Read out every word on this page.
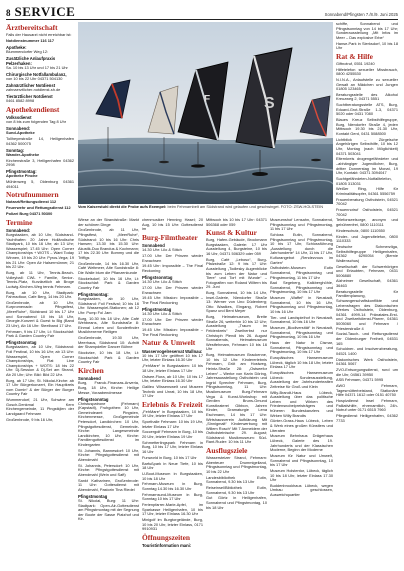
8 SERVICE	Sonnabend/Pfingsten 7./8./9. Juni 2025
Ärztbereitschaft
Falls der Hausarzt nicht erreichbar ist:
Notdienstnummer 116 117
Apotheke:
Blummendorfer Weg 12:
Zusätzliche Anlaufpraxis Pelzerhaken:
Sa. 10 bis 13 Uhr und 17 bis 21 Uhr
Chirurgische Notfallambulanz,
von 10 bis 22 Uhr 04371 504130
Zahnärztlicher Notdienst
zahnaerztlicher-notdienst-sh.de
Tierärztlicher Notdienst
0461 8582 8998
Apothekendienst
Volkssdienst
von 8 bis zum folgenden Tag 8 Uhr
Sonnabend:
Sund-Apotheke
Tollheymstraße 14, Heiligenhafen 04362 500075
Sonntag:
Wander-Apotheke
Kirchenstraße 3, Heiligenhafen 04362 2998
Pfingstmontag:
Apotheke Pinche
Mühlenweg 5, Oldenburg 04361 494011
Notrufnummern
Notarzt/Rettungsdienst 112
Feuerwehr und Rettungsdienst 112
Polizei Burg 04371 50300
Termine
Sonnabend:
Burgstaaken, ab 10 Uhr, Südstrand-Yachthafen: 20 Jahre Holländische Stadtpark, 10 bis 16 Uhr; ab 13 Uhr; Wasserspiel; 17.45 Uhr: Open Corner Championships + WOTS – Want Today Winnen, 19 bis 20 Uhr: Pyros-Vega; 19 bis 21 Uhr: Open Air Halsermünner, 21 bis 22 Uhr.
Burg, ab 11 Uhr, Tennis-Beach-Volleyball: CWL + Familie, Senior-Tennis-Platz, Kurzärztlich ab Broge Ludwig-Kirchen-Weg tennis Fehmarn.
Burg, ab 10 Uhr, Stadtpark: Fahrradtour, Cafe Berg, 14 bis 20 Uhr.
Großenbrode, ab 10 Uhr, Kurpromenade: Pfingstfest, „MeerRuhe“, Südstrand 10 bis 17 Uhr und Sonnabend 10 bis 18 Uhr, Georgie-Konzert & Guest to Big (Band 23 Uhr), Ab 16 Uhr: Steelband 17 Uhr.
Fehmarn, 9 bis 17 Uhr, Lt: Stockschlaf: Park & Garden Country Fair
Pfingstsonntag
Burgstaaken, ab 10 Uhr, Südstrand: Foil Festival, 10 bis 16 Uhr; ab 13 Uhr: Wasserspiel, Open Corner Championships, Flat Line Championships + WOTS: 18 bis 22 Uhr: Dj-Session & Dj-Set am Strand, Ab 20 Uhr; Uhr: Bild: Bild 22 Uhr.
Burg, ab 17 Uhr, St. Nikolai-Kirche: ab 17 Uhr Bürgerkonzert, Ein Hauptkreis vom Domin“ & der Bürger der Burger Country Fair
Wummendorf, 21 Uhr, Schwine am Gosch-Denkmal Kern Kirchengemeinde, 11 Pingstkjlen der Landgaard Fehmarn
Großenbrode, 9 bis 16 Uhr,
F	S
Vom Kaiserstuhl direkt die Probe aufs Exempel: beim Fehmarnbelt am Südstrand wird gelaufen und geschwinget. FOTO: ZSW-HOLSTEIN
Wiese an der Strandstraße: Markt der schönen Dinge
Großenbrode, ab 11 Uhr, Pfingstfest, „MeerRuhe“, Südstrand: 10 bis 16 Uhr: Chris Hansen; 13.30 bis 15.30 Uhr: Akustik-Duo Brandus & Kochmann; 17 bis 22.30 Uhr: Bommy und die Triffigs
Großenbrode, 14 bis 16.30 Uhr, Café Weltmeer, Alte Sundstraße 8: Die Walle blum die Pflanzenkunde
Stockelsdorf, 10 bis 16 Uhr, Lt: Stockschlaf: Park & Garden Country Fair
Pfingstmontag:
Burgstaaken, ab 10 Uhr, Südstrand: Foil Festival; 10 bis 16 Uhr: Wasserspiel-Stationen; ab 12 Uhr: Pump Fol Jam
Burg, 10.30 bis 18 Uhr, Alte Café Wehbeans, Alte Sundstraße 8: Einmal Leben und Sonderfinder Musikhexeme Reiligen
Großenbrode, 19.30 Uhr, Meerhaus, Südstrand 10: Aufnitt der Shampdeller Dancer Bühne
Stockvize, 10 bis 18 Uhr, Lt: Stockschlaf: Park & Garden Country Fair
Kirchen
Sonnabend
Burg, Franck-Finanzas-Anveria, Burg, 18 Uhr, Kirche: Heilige Messe, Voraabendmesse
Pfingstsonntag
Christuspatrone (Fehmarn) (Kapstadt), Fruhgothen: 10 Uhr, Gemeindeamt Pingsten, Kirchenmesse, Großgemeinde Petersdorf, Landkirchen: 10 Uhr, Pfingstgottesdienst, Gemeinde-Kirche: Langewmeinde Landkirchen, 10 Uhr, Kirche: Familiengottesdienst im Kindergarten
St. Johannis, Bannesdorf: 10 Uhr, Kirche: Pfingstgottesdienst mit Abendmahl
St. Johannis, Petersdorf: 10 Uhr, Kirche: Pfingstgottesdienst mit Abendmahl (Wein und Saft)
Sankt Katharinen, Großenbrode: 11 Uhr: Gottesdienst mit Abendmahl, Pastorin Tina Riedel
Pfingstmontag
St. Nikolai, Burg: 11 Uhr: Stadtpark: Open-Air-Gottesdienst am Pfingstmontag mit der Segnung der Boote der Sasse Platzhof und Kir-
chenmusiker Henning Hasel; 20 Aug, 10 bis 15 Uhr: Gottesdienst im
Burg-Filmtheater
Sonnabend
14.30 Uhr: Lilo & Stitch
17.00 Uhr: Der Prinzen wieder Erwachsen
19.45 Uhr: Impossible – The Final Reckoning
Pfingstsonntag
14.30 Uhr: Lilo & Stitch
17.00 Uhr: Der Prinzen wieder Erwachsen
19.45 Uhr: Mission: Impossible – The Final Reckoning
Pfingstmontag
14.30 Uhr: Lilo & Stitch
17.00 Uhr: Der Prinzen wieder Erwachsen
19.45 Uhr: Mission: Impossible – The Final Reckoning
Natur & Umwelt
Wasservogelreservat Wallnau:
10 bis 17 Uhr geöffnet 10 bis 17 Uhr, letzter Einlass 16.30 Uhr
„FehMare“ in Burgstaaken: 10 bis 18 Uhr, letzter Einlass 17 Uhr
Ostsee-Flora, ab 10 Uhr, 10 bis 17 Uhr, letzter Einlass 16.30 Uhr
Galileo Wissenswelt und Museen Technik und Unrat, 10 bis 18 Uhr, 17 Uhr
Erlebnis & Freizeit
„FehMare“ in Burgstaaken, 10 bis 19 Uhr, letzter Einlass 17 Uhr
Sporthalle Fehmarn: 10 bis 19 Uhr, letzter Einlass 17 Uhr
Soccergolf Fehmarn in Burg, 10 bis 20 Uhr, letzter Einlass 19 Uhr
Schmetterlingspark Fehmarn in Burg, 10 bis 17 Uhr, letzter Einlass 16 Uhr
Funworld in Burg, 10 bis 17 Uhr
Barfußpark in Neue Tiefe, 10 bis 18 Uhr
U-Boot-Museum in Burgstaaken, 10 bis 18 Uhr
Fehmarn-Museum in Burg, Sonntag 14.30 bis 16.30 Uhr
Fehmarnsund-Museum in Burg, Sonntag 10 bis 17 Uhr
Ferienpfarrer-Marie-Apfel, im Sparkasse Heiligenhafen, 10 bis 17 Uhr, letzter Einlass 16.30 Uhr
Minigolf im Burgtorgelände, Burg, 10 bis 20 Uhr, letzter Einlass, 0171 9910931
Öffnungszeiten
Touristinformation mani:
Mittwoch bis 10 bis 17 Uhr: 04371 506368 oder 059
Kunst & Kultur
Burg, Hafen-Gebäude, Brockmann Burgstaaken, Galerie: 17 Uhr Ausstellung 4, Burgsteine, 10 bis 16 Uhr, 04371 506329 oder 059
Burg, Café „Leboso“, Burg-Pfalzstraße 12: 9 bis 17 Uhr: Ausstellung „Todlesky Augenblicke bis zum Leben der Natur und Tiere“ und Torf mit Wunde“ – Fotografien von Roland Wiltern bis 29. Juni
Burg, Sonnabend, 10 bis 14 Uhr, Insel-Galerie, Niendorfer Straße 13: Werner von Uno Düdenberg; Otto Waalkes, Eingang, Robert Spanz und Bent Meyer
Burg, Heimatmuseum, Breite Straße 26, weiterhin 10 bis 12 Uhr; Ausstellung „Traum im Feldenkreis“ Zweiherbst nur Christoph Plendl bis 26. August Sonnabends, Heimatmuseum Westfehmarn, Fehmarn 10 bis 16 Uhr
Burg, Heimatmuseum Brackenne, 10 bis 12 Uhr: Kindererlebnis Fehmarn, Gröt am Hostweg, Heintz-Straße 28: „Ostseefor Leben“ – Werke von Karin Döring, Jahresausstellung Ostholstein und Ingrid Sprecher Fehmarn, Burg, Pfingstsonntag, 11 Uhr: Musikmuseum Burg-Fehmarn Vega & Kunst-Workshop mit Gerdien Bruns-Gmund Kunstkraterei Gibbon, Jahren Kinder, Dramaturgie Lena Eschmann, 14 bis 17 Uhr: Wirtshausverein Aufklärung Mit „Sinnigmalt“ Kinderwerbung mit Willem Rosch“ Mit 7 Anmeldern der Ostholsteinische 29. August; Südstrand: Musikmuseum: Süd-Rant-Ruder: 10 bis 11 Uhr
Ausflugsziele
Wassersteizer Strand, Fehmarn: Abenteuer Drummigelland, Pfingstsonntag und Pfingstmontag, 10 bis 22 Uhr
Landesbibliothek Eutin, Sonnabend, 9.30 bis 13 Uhr
Reiseinsel/Bibliothek Eutin, Sonnabend, 9.30 bis 13 Uhr
Gut Görtz in Heiligenhafen, Sonnabend und Pfingstmontag, 10 bis 18 Uhr
Museumshof Lensahn, Sonnabend, Pfingstsonntag und Pfingstmontag, 11 bis 17 Uhr
Schloss Eutin, Sonnabend, Pfingstsonntag und Pfingstmontag, 10 bis 17 Uhr, Schlossführung „Ausstellung durch die Jahrhunderte“ 14 Uhr, 11 bis 17 Uhr, Kulturangebot „Rendezvous im Garten“
Ostholstein-Museum Eutin Sonnabend, Pfingstsonntag und Pfingstmontag, 11 bis 17 Uhr
Bad Segeberg, Kalkberghöhle, Sonnabend, Pfingstsonntag und Pfingstmontag, 10 bis 17 Uhr
Museum „Waffel“ in Neustadt, Sonnabend, 10 bis 16 Uhr, Pfingstsonntag und Pfingstmontag, 10 bis 16 Uhr
Tier- und Landspielhof in Neustadt, Sonnabend, 10 bis 16 Uhr
Museum „Biodiversität“ in Neustadt, Sonnabend, Pfingstsonntag und Pfingstmontag, 10 bis 16 Uhr
Haus der Natur in Cismar, Sonnabend, Pfingstsonntag und Pfingstmontag, 10 bis 17 Uhr
Europäisches Hansemuseum Lübeck, täglich 10 bis 18 Uhr, letzter Einlass 17 Uhr
Europäisches Hansemuseum Lübeck: Sonderausstellung, Ausstellung der Jahrhundertealten Zeitreise für Groß und Klein
Willy-Brandt-Haus Lübeck, Ausstellung über das politische Leben und Wirken des Friedensnobelpreisträgers und früheren Bundeskanzlers und Wirken Willy Brandts
Günter-Grass-Haus Lübeck, Leben & Werk eines großen Künstlers und Literaten
Museum Behnhaus Drägerhaus Lübeck, Galerie des 19. Jahrhunderts und der Klassischen Moderne, Beginn der Moderne
Museum für Natur und Umwelt, Sonnabend und Pfingstsonntag, 10 bis 17 Uhr
Museum Holstentor, Lübeck, täglich 10 bis 18 Uhr, letzter Einlass 17.30 Uhr
Buddenbrookhaus Lübeck, wegen Umbau geschlossen, Ausweichquartier
schiffe, Sonnabend und Pfingstsonntag von 14 bis 17 Uhr; Sonderausstellung „Mit Infos im Meer – Das explosive Erbe“
Hanse-Park in Sierksdorf, 10 bis 18 Uhr
Rat & Hilfe
Giftnotruf, 0551 19240
Hilfetelefon sexueller Missbrauch, 0800 4255530
N.I.N.A., Anlaufstelle zu sexueller Gewalt an Mädchen und Jungen 01805 123465
Beratungsstelle des Alkohol Kreuzweg 2, 04371 5551
Suchtberatungsstelle ATS, Burg, Eduard-Grot-Straße 1-3, 04371 5020 oder 0431 7080
Blaues Kreuz Selbsthilfegruppe, Burg, Niendorfer Straße 4, jeden Mittwoch 19.30 bis 21.30 Uhr, Kontakt Gerd, 0431 5088500
Lichtblick – Zürgelsche Angehörigen Selbsthilfe, 10 bis 12 Uhr, Montag (nach Möglichkeit) 04371 503041
Elternkreis drogengefährdeter und –abhängiger Jugendlicher, Burg, dritter Donnerstag im Monat, 19 Uhr, Kontakt: 04371 3094047
Suchtgefährdeten-Notfalltelefon, 01805 313031
Weißer Ring, Hilfe für Kriminalitätsopfer, 04361 5556759
Frauenberatung Ostholstein, 04521 70042
Frauennotruf Ostholstein, 04521 70042
Telefonseelsorge, anonym und gebührenfrei, 0800 1110111
Kinderschutz, 0800 1110550
Kinder- und Jugendtelefon, 0800 1110333
Deutsche Schmerzliga, Selbsthilfegruppe Heiligenhafen, 04362 6290054 (Bernie Wallenschus)
Gesellschaft der Schwerhörigen und Ertaubten, Fehmarn, 0431 5006880
Alzheimer Gesellschaft, 04361 36463
Beratungsstelle für Familienplanung, Schwangerschaftskonflikte und Lebensfragen des Diakonischen Werkes Ostholstein, Oldenburg, 04361 4999-14 Pränatales-Erst- und Zweitzeitdienst-Pfarrer, 04361 5005060 und Fehmarn / Priesterstraße 4
Sozial-Tauch- und Rettungsdienst der Oldenburger Freiheit, 04531 165
Schuldner- und Insolvenzberatung, 04521 1400
Diakonisches Werk Ostholstein, 04361 5067
ZVO-Entsorgungsdienst, rund um die Uhr, 04561 39950
ASB Fehmarn, 04371 5995
AWO Fehmarn, Tagesmütterbeistand, Stationäre Hilfe 04371 1612 oder 0151 40750
Hospizdienst Insel Fehmarn, Palliativhilfe, ehrenamtlich, 24h-Notruf unter 0171 6515 7960
Pflegedienst Heiligenhafen, 04362 7733
